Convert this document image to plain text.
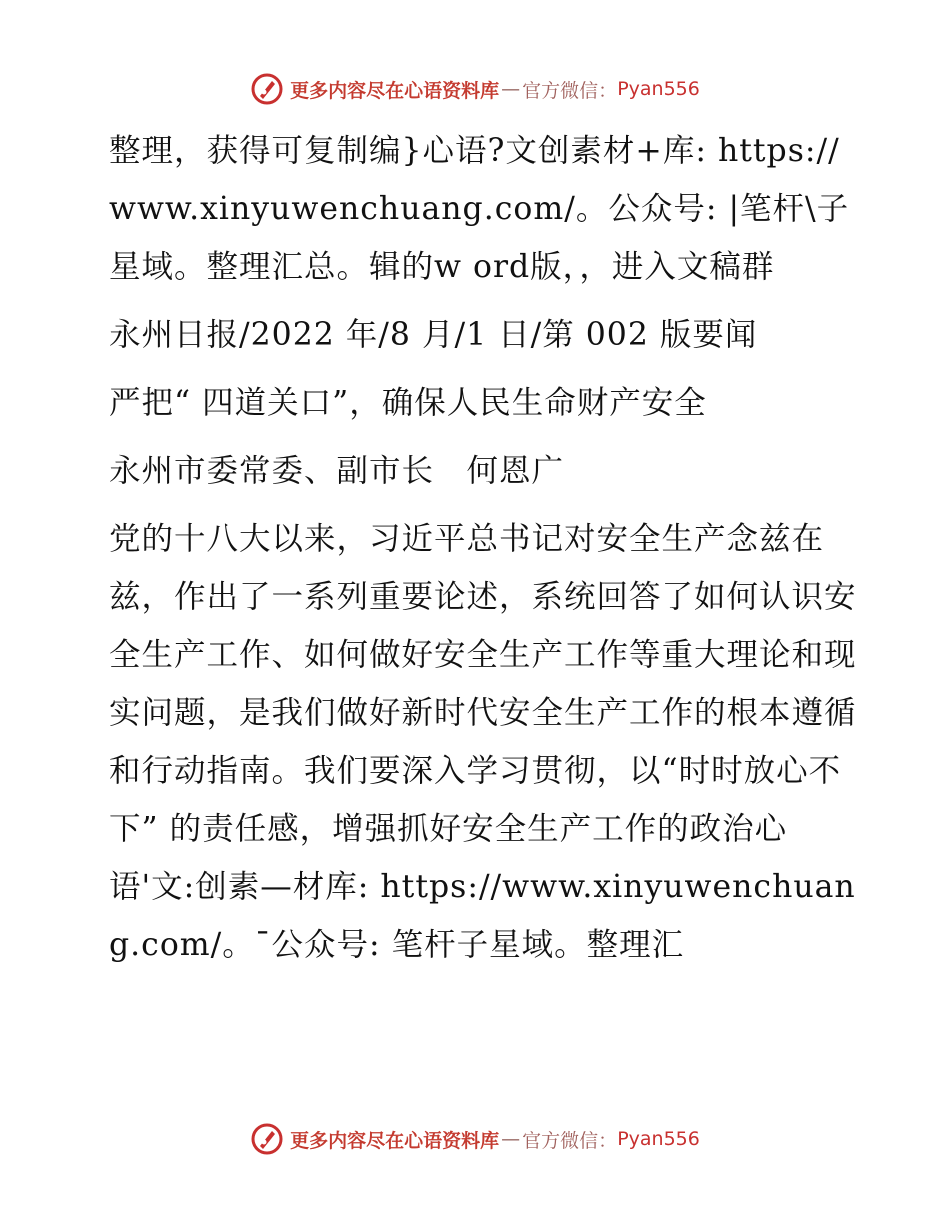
更多内容尽在心语资料库 — 官方微信： Pyan556

整理，获得可复制编}心语?文创素材+库: https://www.xinyuwenchuang.com/。公众号: |笔杆\子星域。整理汇总。辑的w ord版，，进入文稿群

永州日报/2022 年/8 月/1 日/第 002 版要闻

严把“ 四道关口”，确保人民生命财产安全

永州市委常委、副市长　何恩广

党的十八大以来，习近平总书记对安全生产念兹在兹，作出了一系列重要论述，系统回答了如何认识安全生产工作、如何做好安全生产工作等重大理论和现实问题，是我们做好新时代安全生产工作的根本遵循和行动指南。我们要深入学习贯彻，以“时时放心不下” 的责任感，增强抓好安全生产工作的政治心语'文:创素—材库: https://www.xinyuwenchuang.com/。¯公众号: 笔杆子星域。整理汇

更多内容尽在心语资料库 — 官方微信： Pyan556
